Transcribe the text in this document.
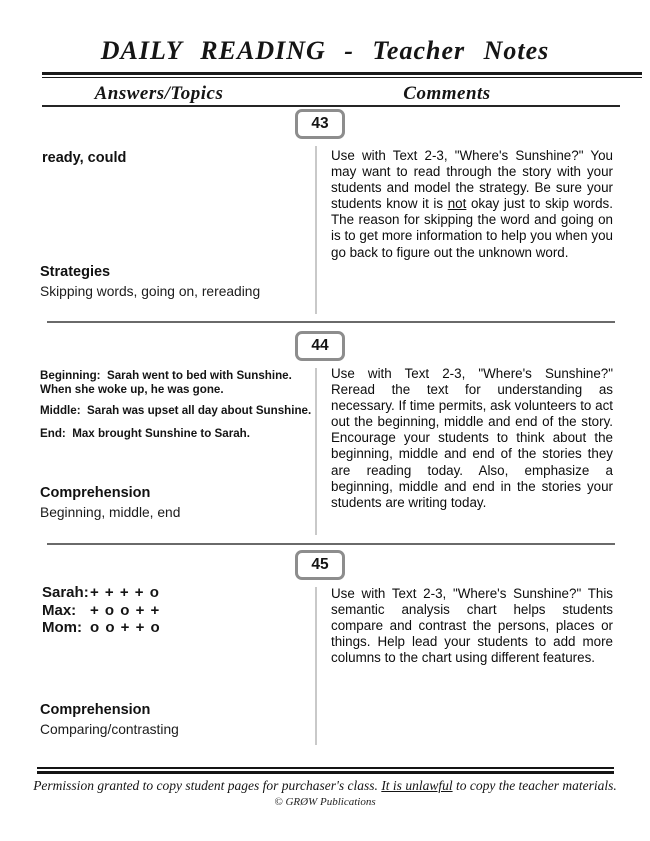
DAILY READING - Teacher Notes
Answers/Topics	Comments
43
ready, could
Strategies
Skipping words, going on, rereading
Use with Text 2-3, "Where's Sunshine?" You may want to read through the story with your students and model the strategy. Be sure your students know it is not okay just to skip words. The reason for skipping the word and going on is to get more information to help you when you go back to figure out the unknown word.
44
Beginning:  Sarah went to bed with Sunshine.
When she woke up, he was gone.
Middle:  Sarah was upset all day about Sunshine.
End:  Max brought Sunshine to Sarah.
Comprehension
Beginning, middle, end
Use with Text 2-3, "Where's Sunshine?" Reread the text for understanding as necessary. If time permits, ask volunteers to act out the beginning, middle and end of the story. Encourage your students to think about the beginning, middle and end of the stories they are reading today. Also, emphasize a beginning, middle and end in the stories your students are writing today.
45
Sarah:+ + + + o
Max: + o o + +
Mom: o o + + o
Comprehension
Comparing/contrasting
Use with Text 2-3, "Where's Sunshine?" This semantic analysis chart helps students compare and contrast the persons, places or things. Help lead your students to add more columns to the chart using different features.
Permission granted to copy student pages for purchaser's class. It is unlawful to copy the teacher materials.
© GRØW Publications
